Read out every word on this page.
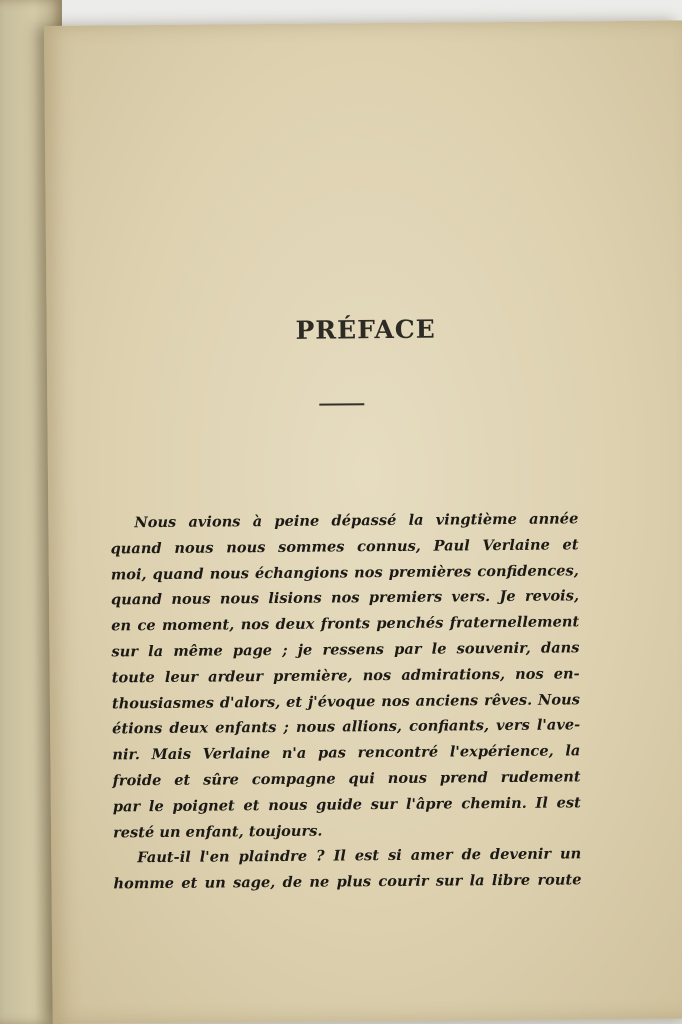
PRÉFACE
Nous avions à peine dépassé la vingtième année
quand nous nous sommes connus, Paul Verlaine et
moi, quand nous échangions nos premières confidences,
quand nous nous lisions nos premiers vers. Je revois,
en ce moment, nos deux fronts penchés fraternellement
sur la même page ; je ressens par le souvenir, dans
toute leur ardeur première, nos admirations, nos en-
thousiasmes d'alors, et j'évoque nos anciens rêves. Nous
étions deux enfants ; nous allions, confiants, vers l'ave-
nir. Mais Verlaine n'a pas rencontré l'expérience, la
froide et sûre compagne qui nous prend rudement
par le poignet et nous guide sur l'âpre chemin. Il est
resté un enfant, toujours.
Faut-il l'en plaindre ? Il est si amer de devenir un
homme et un sage, de ne plus courir sur la libre route
